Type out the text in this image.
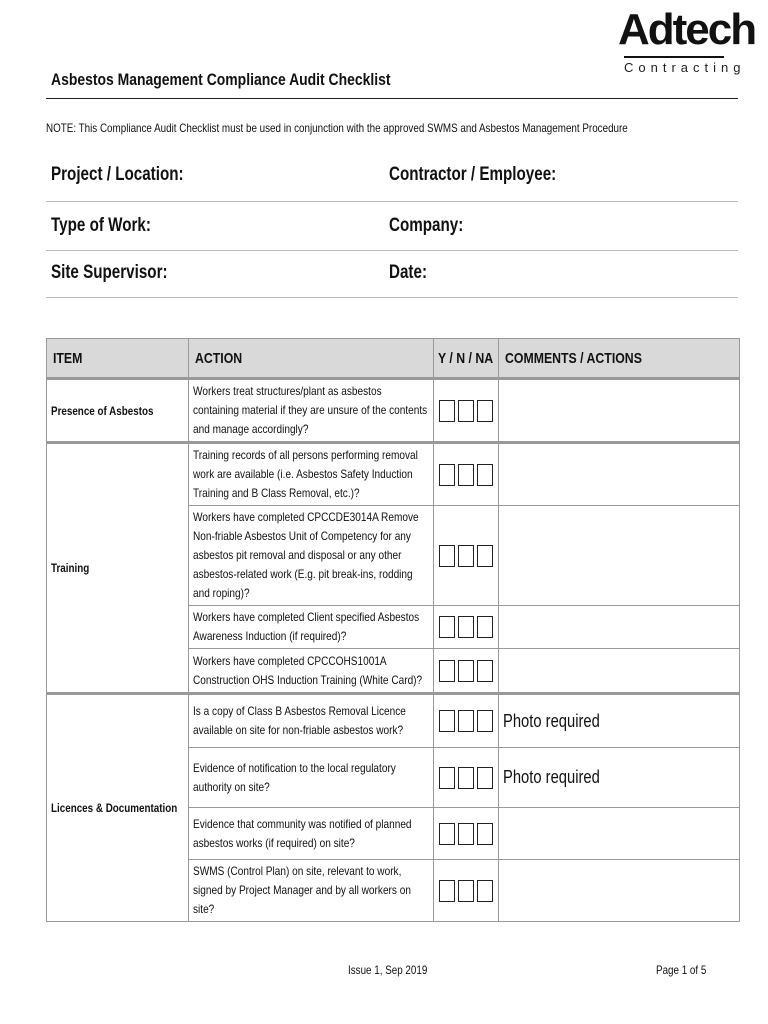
Adtech
Contracting
Asbestos Management Compliance Audit Checklist
NOTE: This Compliance Audit Checklist must be used in conjunction with the approved SWMS and Asbestos Management Procedure
Project / Location:	Contractor / Employee:
Type of Work:	Company:
Site Supervisor:	Date:
ITEM	ACTION	Y / N / NA	COMMENTS / ACTIONS
Presence of Asbestos	Workers treat structures/plant as asbestos containing material if they are unsure of the contents and manage accordingly?	

Training	Training records of all persons performing removal work are available (i.e. Asbestos Safety Induction Training and B Class Removal, etc.)?	

	Workers have completed CPCCDE3014A Remove Non-friable Asbestos Unit of Competency for any asbestos pit removal and disposal or any other asbestos-related work (E.g. pit break-ins, rodding and roping)?	

	Workers have completed Client specified Asbestos Awareness Induction (if required)?	

	Workers have completed CPCCOHS1001A Construction OHS Induction Training (White Card)?	

Licences & Documentation	Is a copy of Class B Asbestos Removal Licence available on site for non-friable asbestos work?		Photo required
	Evidence of notification to the local regulatory authority on site?		Photo required
	Evidence that community was notified of planned asbestos works (if required) on site?	

	SWMS (Control Plan) on site, relevant to work, signed by Project Manager and by all workers on site?	

Issue 1, Sep 2019	Page 1 of 5
